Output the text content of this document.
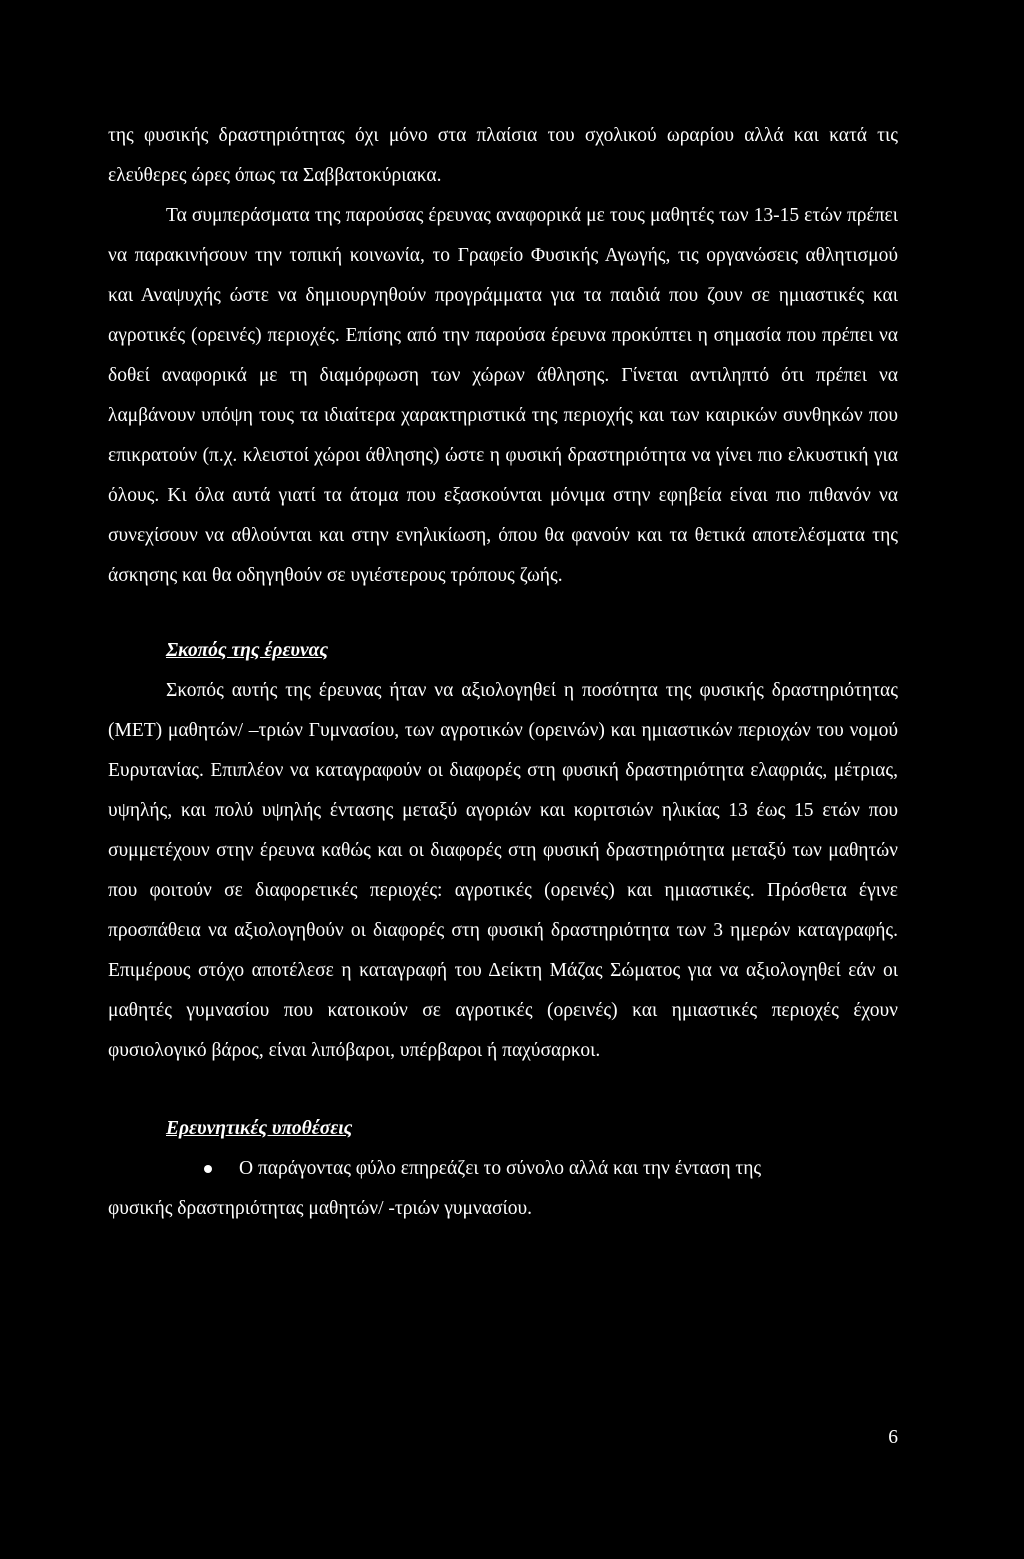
της φυσικής δραστηριότητας όχι μόνο στα πλαίσια του σχολικού ωραρίου αλλά και κατά τις ελεύθερες ώρες όπως τα Σαββατοκύριακα.

Τα συμπεράσματα της παρούσας έρευνας αναφορικά με τους μαθητές των 13-15 ετών πρέπει να παρακινήσουν την τοπική κοινωνία, το Γραφείο Φυσικής Αγωγής, τις οργανώσεις αθλητισμού και Αναψυχής ώστε να δημιουργηθούν προγράμματα για τα παιδιά που ζουν σε ημιαστικές και αγροτικές (ορεινές) περιοχές. Επίσης από την παρούσα έρευνα προκύπτει η σημασία που πρέπει να δοθεί αναφορικά με τη διαμόρφωση των χώρων άθλησης. Γίνεται αντιληπτό ότι πρέπει να λαμβάνουν υπόψη τους τα ιδιαίτερα χαρακτηριστικά της περιοχής και των καιρικών συνθηκών που επικρατούν (π.χ. κλειστοί χώροι άθλησης) ώστε η φυσική δραστηριότητα να γίνει πιο ελκυστική για όλους. Κι όλα αυτά γιατί τα άτομα που εξασκούνται μόνιμα στην εφηβεία είναι πιο πιθανόν να συνεχίσουν να αθλούνται και στην ενηλικίωση, όπου θα φανούν και τα θετικά αποτελέσματα της άσκησης και θα οδηγηθούν σε υγιέστερους τρόπους ζωής.

Σκοπός της έρευνας

Σκοπός αυτής της έρευνας ήταν να αξιολογηθεί η ποσότητα της φυσικής δραστηριότητας (ΜΕΤ) μαθητών/ –τριών Γυμνασίου, των αγροτικών (ορεινών) και ημιαστικών περιοχών του νομού Ευρυτανίας. Επιπλέον να καταγραφούν οι διαφορές στη φυσική δραστηριότητα ελαφριάς, μέτριας, υψηλής, και πολύ υψηλής έντασης μεταξύ αγοριών και κοριτσιών ηλικίας 13 έως 15 ετών που συμμετέχουν στην έρευνα καθώς και οι διαφορές στη φυσική δραστηριότητα μεταξύ των μαθητών που φοιτούν σε διαφορετικές περιοχές: αγροτικές (ορεινές) και ημιαστικές. Πρόσθετα έγινε προσπάθεια να αξιολογηθούν οι διαφορές στη φυσική δραστηριότητα των 3 ημερών καταγραφής. Επιμέρους στόχο αποτέλεσε η καταγραφή του Δείκτη Μάζας Σώματος για να αξιολογηθεί εάν οι μαθητές γυμνασίου που κατοικούν σε αγροτικές (ορεινές) και ημιαστικές περιοχές έχουν φυσιολογικό βάρος, είναι λιπόβαροι, υπέρβαροι ή παχύσαρκοι.

Ερευνητικές υποθέσεις

Ο παράγοντας φύλο επηρεάζει το σύνολο αλλά και την ένταση της
φυσικής δραστηριότητας μαθητών/ -τριών γυμνασίου.
6
